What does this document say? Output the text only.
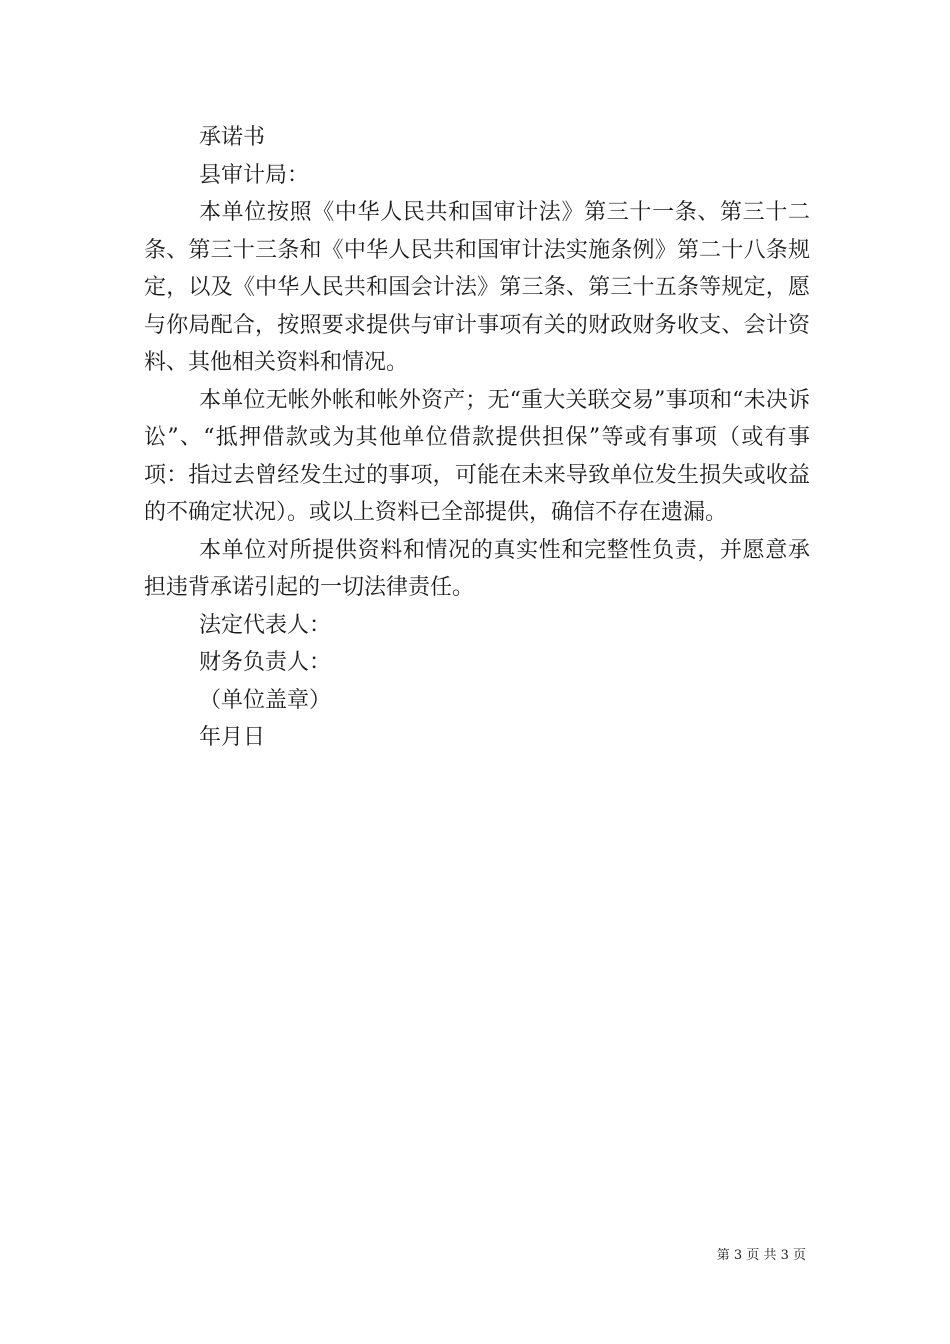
承诺书

县审计局：

本单位按照《中华人民共和国审计法》第三十一条、第三十二条、第三十三条和《中华人民共和国审计法实施条例》第二十八条规定，以及《中华人民共和国会计法》第三条、第三十五条等规定，愿与你局配合，按照要求提供与审计事项有关的财政财务收支、会计资料、其他相关资料和情况。

本单位无帐外帐和帐外资产；无“重大关联交易”事项和“未决诉讼”、“抵押借款或为其他单位借款提供担保”等或有事项（或有事项：指过去曾经发生过的事项，可能在未来导致单位发生损失或收益的不确定状况）。或以上资料已全部提供，确信不存在遗漏。

本单位对所提供资料和情况的真实性和完整性负责，并愿意承担违背承诺引起的一切法律责任。

法定代表人：

财务负责人：

（单位盖章）

年月日

第 3 页 共 3 页
